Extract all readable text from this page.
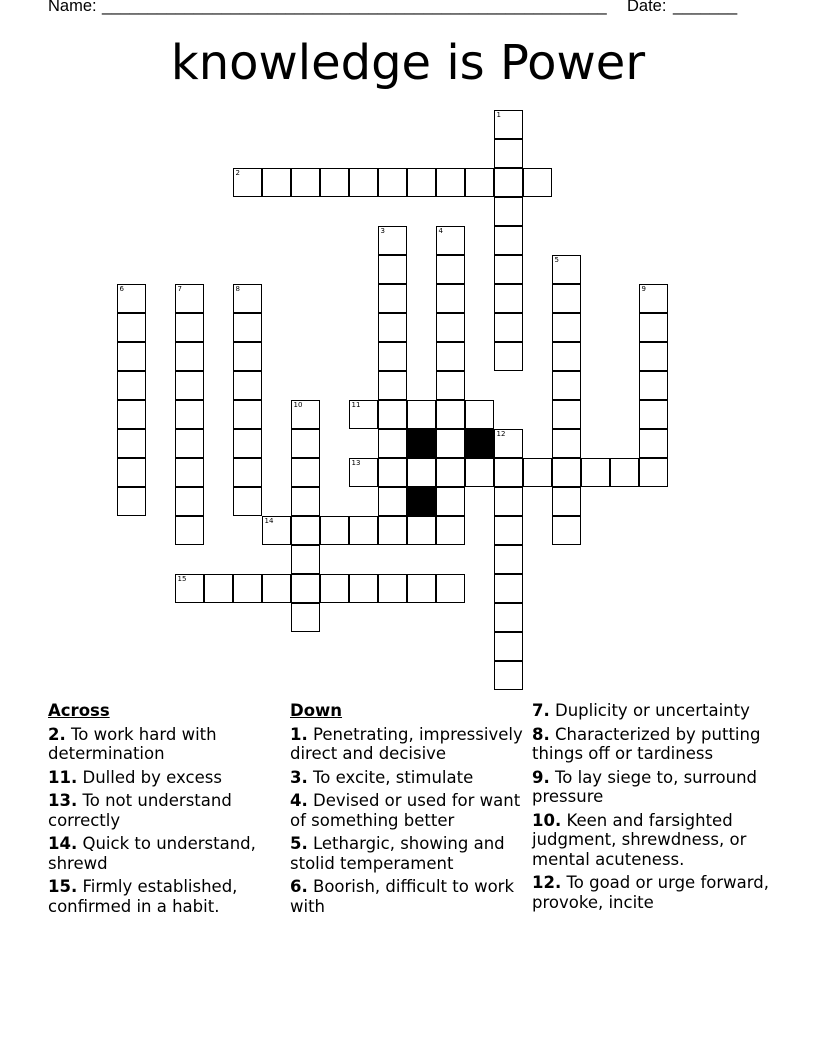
Name: _______________________________________________________ Date: _______
knowledge is Power
1
2
3	4
5
6	7	8	9
10	11
12
13
14
15
Across
2. To work hard with determination
11. Dulled by excess
13. To not understand correctly
14. Quick to understand, shrewd
15. Firmly established, confirmed in a habit.
Down
1. Penetrating, impressively direct and decisive
3. To excite, stimulate
4. Devised or used for want of something better
5. Lethargic, showing and stolid temperament
6. Boorish, difficult to work with
7. Duplicity or uncertainty
8. Characterized by putting things off or tardiness
9. To lay siege to, surround pressure
10. Keen and farsighted judgment, shrewdness, or mental acuteness.
12. To goad or urge forward, provoke, incite
